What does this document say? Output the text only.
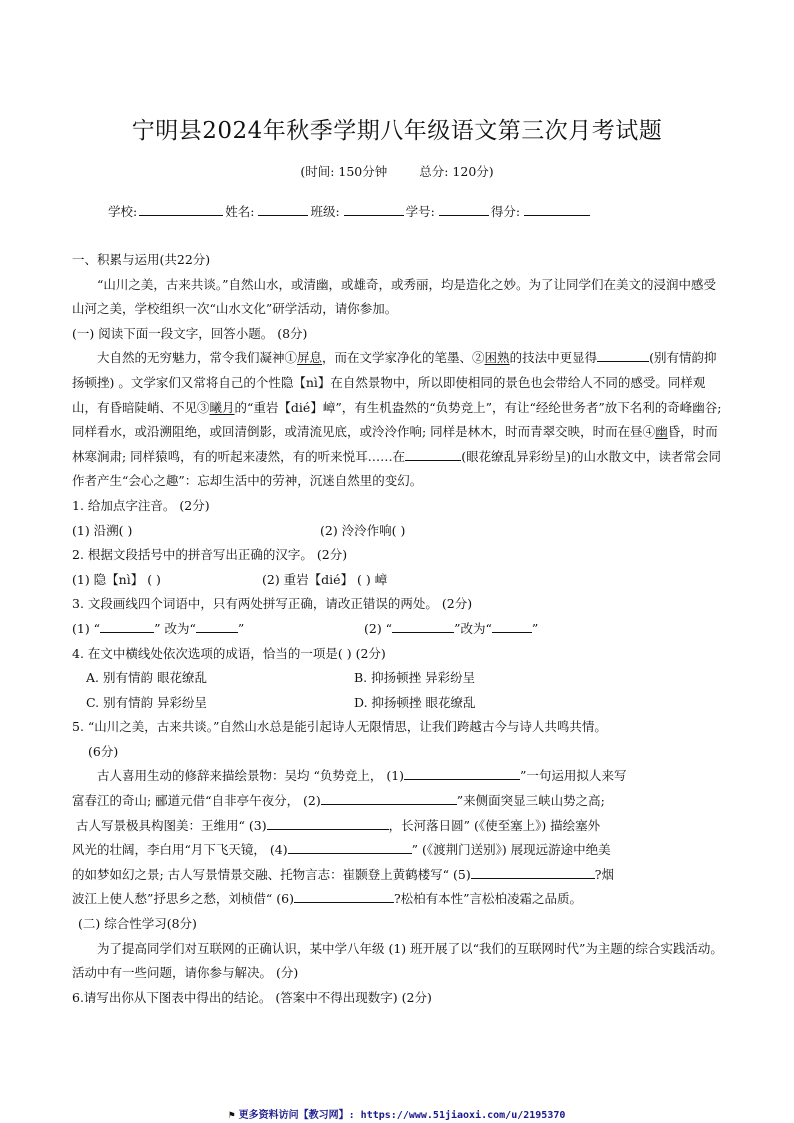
宁明县2024年秋季学期八年级语文第三次月考试题
(时间: 150分钟	总分: 120分)
学校:	姓名:	班级:	学号:	得分:

一、积累与运用(共22分)

“山川之美，古来共谈。”自然山水，或清幽，或雄奇，或秀丽，均是造化之妙。为了让同学们在美文的浸润中感受山河之美，学校组织一次“山水文化”研学活动，请你参加。

(一) 阅读下面一段文字，回答小题。 (8分)

大自然的无穷魅力，常令我们凝神①屏息，而在文学家净化的笔墨、②困熟的技法中更显得	(别有情韵抑扬顿挫) 。文学家们又常将自己的个性隐【nì】在自然景物中，所以即使相同的景色也会带给人不同的感受。同样观山，有昏暗陡峭、不见③曦月的“重岩【dié】嶂”，有生机盎然的“负势竞上”，有让“经纶世务者”放下名利的奇峰幽谷; 同样看水，或沿溯阻绝，或回清倒影，或清流见底，或泠泠作响; 同样是林木，时而青翠交映，时而在昼④幽昏，时而林寒涧肃; 同样猿鸣，有的听起来凄然，有的听来悦耳……在	(眼花缭乱异彩纷呈)的山水散文中，读者常会同作者产生“会心之趣”：忘却生活中的劳神，沉迷自然里的变幻。

1. 给加点字注音。 (2分)

(1) 沿溯( )	(2) 泠泠作响( )

2. 根据文段括号中的拼音写出正确的汉字。 (2分)

(1) 隐【nì】 ( )	(2) 重岩【dié】 ( ) 嶂

3. 文段画线四个词语中，只有两处拼写正确，请改正错误的两处。 (2分)

(1) “	” 改为“	”	(2) “	”改为“	”

4. 在文中横线处依次选项的成语，恰当的一项是( ) (2分)

A. 别有情韵 眼花缭乱	B. 抑扬顿挫 异彩纷呈
C. 别有情韵 异彩纷呈	D. 抑扬顿挫 眼花缭乱

5. “山川之美，古来共谈。”自然山水总是能引起诗人无限情思，让我们跨越古今与诗人共鸣共情。

(6分)

古人喜用生动的修辞来描绘景物：吴均 “负势竞上， (1)	”一句运用拟人来写

富春江的奇山; 郦道元借“自非亭午夜分， (2)	”来侧面突显三峡山势之高;

古人写景极具构图美：王维用“ (3)	，长河落日圆” (《使至塞上》) 描绘塞外

风光的壮阔，李白用“月下飞天镜， (4)	” (《渡荆门送别》) 展现远游途中绝美

的如梦如幻之景; 古人写景情景交融、托物言志：崔颢登上黄鹤楼写“ (5)	?烟

波江上使人愁”抒思乡之愁，刘桢借“ (6)	?松柏有本性”言松柏凌霜之品质。

(二) 综合性学习(8分)

为了提高同学们对互联网的正确认识，某中学八年级 (1) 班开展了以“我们的互联网时代”为主题的综合实践活动。活动中有一些问题，请你参与解决。 (分)

6.请写出你从下图表中得出的结论。 (答案中不得出现数字) (2分)

⚑ 更多资料访问【教习网】: https://www.51jiaoxi.com/u/2195370
